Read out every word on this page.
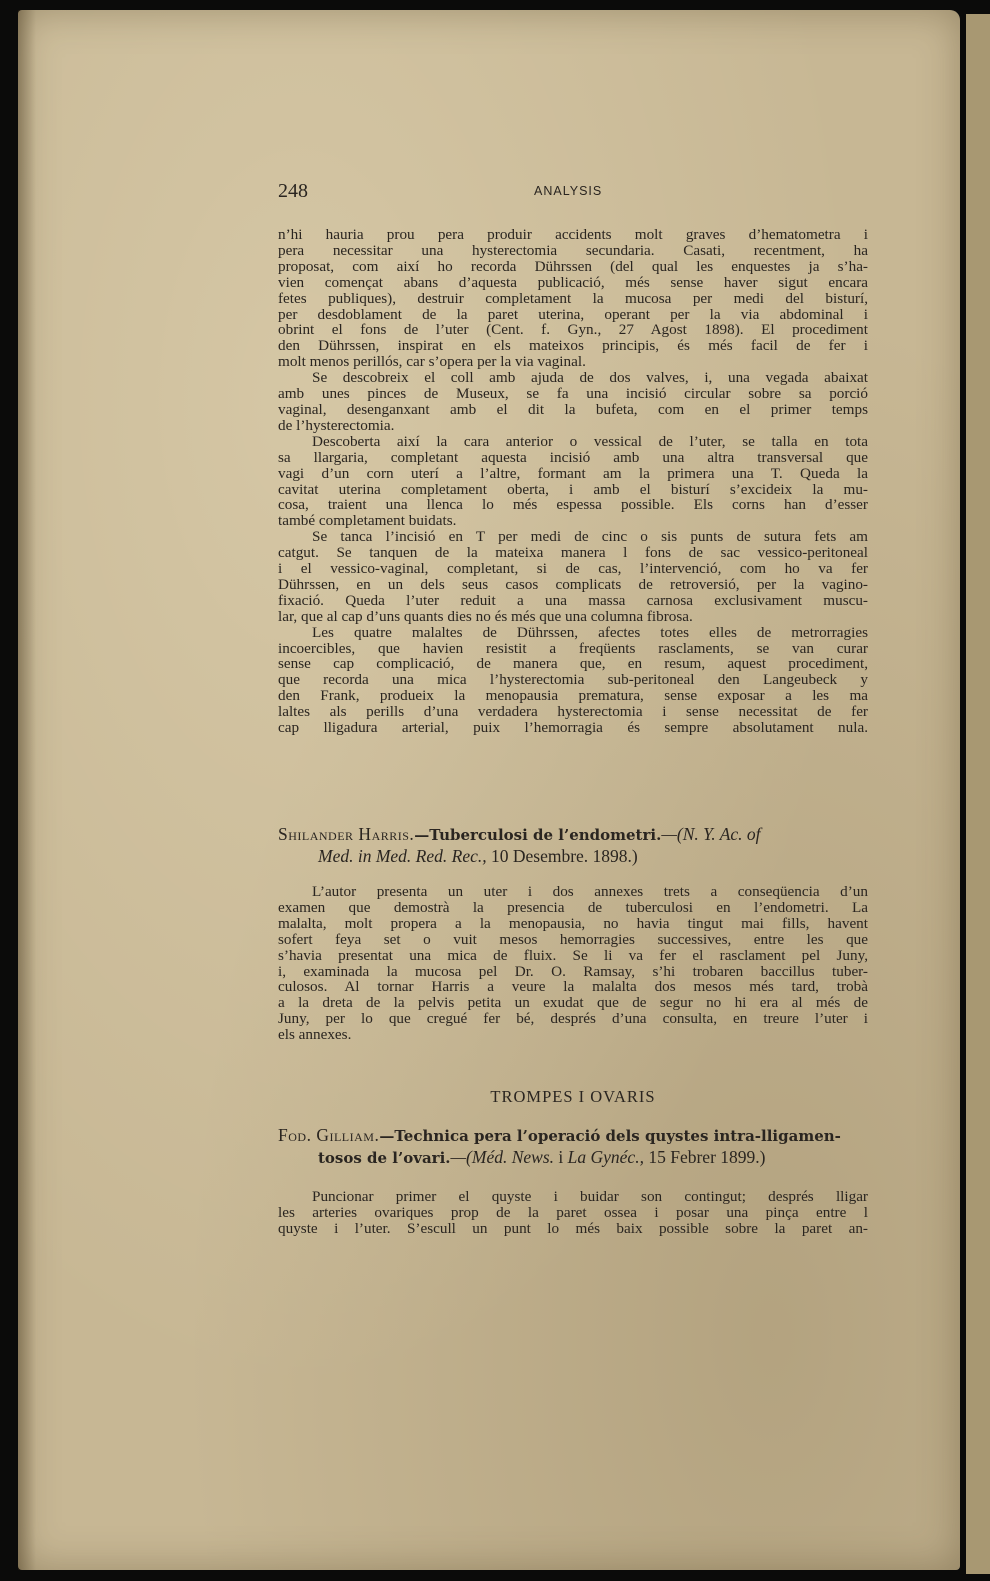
248	ANALYSIS
n’hi hauria prou pera produir accidents molt graves d’hematometra i
pera necessitar una hysterectomia secundaria. Casati, recentment, ha
proposat, com així ho recorda Dührssen (del qual les enquestes ja s’ha-
vien començat abans d’aquesta publicació, més sense haver sigut encara
fetes publiques), destruir completament la mucosa per medi del bisturí,
per desdoblament de la paret uterina, operant per la via abdominal i
obrint el fons de l’uter (Cent. f. Gyn., 27 Agost 1898). El procediment
den Dührssen, inspirat en els mateixos principis, és més facil de fer i
molt menos perillós, car s’opera per la via vaginal.
Se descobreix el coll amb ajuda de dos valves, i, una vegada abaixat
amb unes pinces de Museux, se fa una incisió circular sobre sa porció
vaginal, desenganxant amb el dit la bufeta, com en el primer temps
de l’hysterectomia.
Descoberta així la cara anterior o vessical de l’uter, se talla en tota
sa llargaria, completant aquesta incisió amb una altra transversal que
vagi d’un corn uterí a l’altre, formant am la primera una T. Queda la
cavitat uterina completament oberta, i amb el bisturí s’excideix la mu-
cosa, traient una llenca lo més espessa possible. Els corns han d’esser
també completament buidats.
Se tanca l’incisió en T per medi de cinc o sis punts de sutura fets am
catgut. Se tanquen de la mateixa manera l fons de sac vessico-peritoneal
i el vessico-vaginal, completant, si de cas, l’intervenció, com ho va fer
Dührssen, en un dels seus casos complicats de retroversió, per la vagino-
fixació. Queda l’uter reduit a una massa carnosa exclusivament muscu-
lar, que al cap d’uns quants dies no és més que una columna fibrosa.
Les quatre malaltes de Dührssen, afectes totes elles de metrorragies
incoercibles, que havien resistit a freqüents rasclaments, se van curar
sense cap complicació, de manera que, en resum, aquest procediment,
que recorda una mica l’hysterectomia sub-peritoneal den Langeubeck y
den Frank, produeix la menopausia prematura, sense exposar a les ma
laltes als perills d’una verdadera hysterectomia i sense necessitat de fer
cap lligadura arterial, puix l’hemorragia és sempre absolutament nula.
Shilander Harris.—Tuberculosi de l’endometri.—(N. Y. Ac. of
Med. in Med. Red. Rec., 10 Desembre. 1898.)
L’autor presenta un uter i dos annexes trets a conseqüencia d’un
examen que demostrà la presencia de tuberculosi en l’endometri. La
malalta, molt propera a la menopausia, no havia tingut mai fills, havent
sofert feya set o vuit mesos hemorragies successives, entre les que
s’havia presentat una mica de fluix. Se li va fer el rasclament pel Juny,
i, examinada la mucosa pel Dr. O. Ramsay, s’hi trobaren baccillus tuber-
culosos. Al tornar Harris a veure la malalta dos mesos més tard, trobà
a la dreta de la pelvis petita un exudat que de segur no hi era al més de
Juny, per lo que cregué fer bé, després d’una consulta, en treure l’uter i
els annexes.
TROMPES I OVARIS
Fod. Gilliam.—Technica pera l’operació dels quystes intra-lligamen-
tosos de l’ovari.—(Méd. News. i La Gynéc., 15 Febrer 1899.)
Puncionar primer el quyste i buidar son contingut; després lligar
les arteries ovariques prop de la paret ossea i posar una pinça entre l
quyste i l’uter. S’escull un punt lo més baix possible sobre la paret an-
